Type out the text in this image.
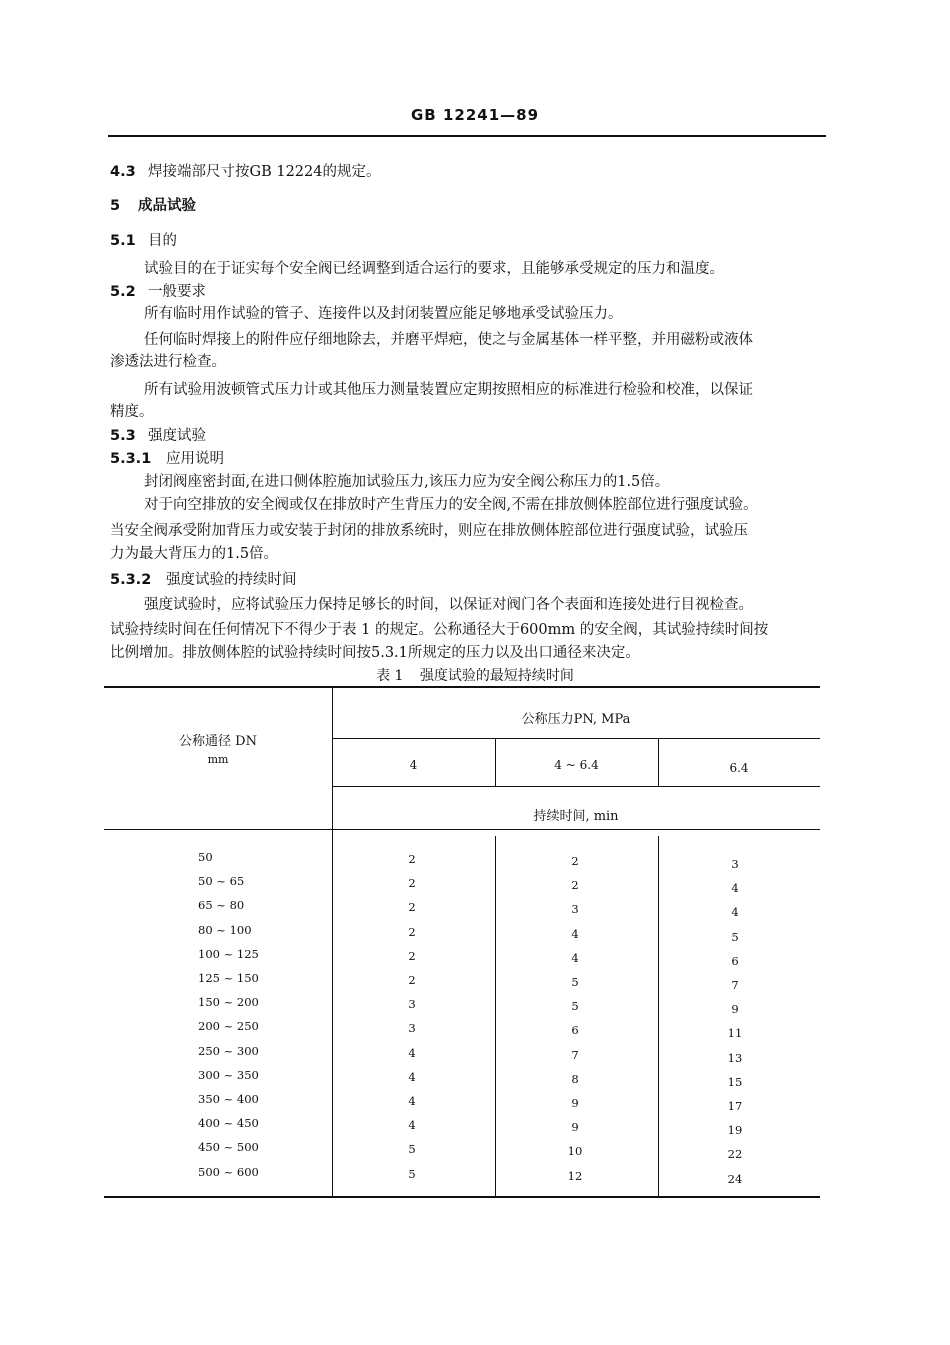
GB 12241—89
4.3 焊接端部尺寸按GB 12224的规定。
5 成品试验
5.1 目的
试验目的在于证实每个安全阀已经调整到适合运行的要求，且能够承受规定的压力和温度。
5.2 一般要求
所有临时用作试验的管子、连接件以及封闭装置应能足够地承受试验压力。
任何临时焊接上的附件应仔细地除去，并磨平焊疤，使之与金属基体一样平整，并用磁粉或液体
渗透法进行检查。
所有试验用波顿管式压力计或其他压力测量装置应定期按照相应的标准进行检验和校准，以保证
精度。
5.3 强度试验
5.3.1 应用说明
封闭阀座密封面,在进口侧体腔施加试验压力,该压力应为安全阀公称压力的1.5倍。
对于向空排放的安全阀或仅在排放时产生背压力的安全阀,不需在排放侧体腔部位进行强度试验。
当安全阀承受附加背压力或安装于封闭的排放系统时，则应在排放侧体腔部位进行强度试验，试验压
力为最大背压力的1.5倍。
5.3.2 强度试验的持续时间
强度试验时，应将试验压力保持足够长的时间，以保证对阀门各个表面和连接处进行目视检查。
试验持续时间在任何情况下不得少于表 1 的规定。公称通径大于600mm 的安全阀，其试验持续时间按
比例增加。排放侧体腔的试验持续时间按5.3.1所规定的压力以及出口通径来决定。
表 1 强度试验的最短持续时间
公称通径 DN
mm
公称压力PN, MPa
4	4 ~ 6.4	6.4
持续时间, min
50	2	2	3
50 ~ 65	2	2	4
65 ~ 80	2	3	4
80 ~ 100	2	4	5
100 ~ 125	2	4	6
125 ~ 150	2	5	7
150 ~ 200	3	5	9
200 ~ 250	3	6	11
250 ~ 300	4	7	13
300 ~ 350	4	8	15
350 ~ 400	4	9	17
400 ~ 450	4	9	19
450 ~ 500	5	10	22
500 ~ 600	5	12	24
